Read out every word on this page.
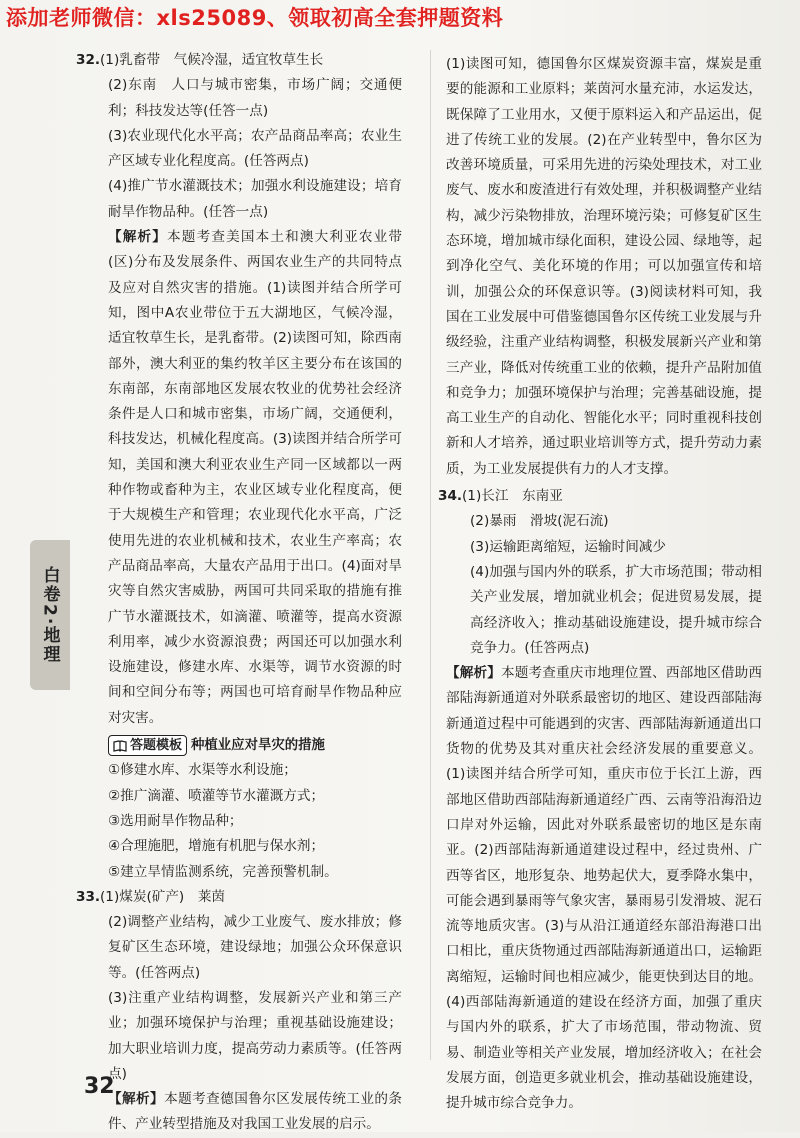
添加老师微信：xls25089、领取初高全套押题资料
白卷2·地理

32.(1)乳畜带　气候冷湿，适宜牧草生长

(2)东南　人口与城市密集，市场广阔；交通便利；科技发达等(任答一点)

(3)农业现代化水平高；农产品商品率高；农业生产区域专业化程度高。(任答两点)

(4)推广节水灌溉技术；加强水利设施建设；培育耐旱作物品种。(任答一点)

【解析】本题考查美国本土和澳大利亚农业带(区)分布及发展条件、两国农业生产的共同特点及应对自然灾害的措施。(1)读图并结合所学可知，图中A农业带位于五大湖地区，气候冷湿，适宜牧草生长，是乳畜带。(2)读图可知，除西南部外，澳大利亚的集约牧羊区主要分布在该国的东南部，东南部地区发展农牧业的优势社会经济条件是人口和城市密集，市场广阔，交通便利，科技发达，机械化程度高。(3)读图并结合所学可知，美国和澳大利亚农业生产同一区域都以一两种作物或畜种为主，农业区域专业化程度高，便于大规模生产和管理；农业现代化水平高，广泛使用先进的农业机械和技术，农业生产率高；农产品商品率高，大量农产品用于出口。(4)面对旱灾等自然灾害威胁，两国可共同采取的措施有推广节水灌溉技术，如滴灌、喷灌等，提高水资源利用率，减少水资源浪费；两国还可以加强水利设施建设，修建水库、水渠等，调节水资源的时间和空间分布等；两国也可培育耐旱作物品种应对灾害。

答题模板 种植业应对旱灾的措施

①修建水库、水渠等水利设施；

②推广滴灌、喷灌等节水灌溉方式；

③选用耐旱作物品种；

④合理施肥，增施有机肥与保水剂；

⑤建立旱情监测系统，完善预警机制。

33.(1)煤炭(矿产)　莱茵

(2)调整产业结构，减少工业废气、废水排放；修复矿区生态环境，建设绿地；加强公众环保意识等。(任答两点)

(3)注重产业结构调整，发展新兴产业和第三产业；加强环境保护与治理；重视基础设施建设；加大职业培训力度，提高劳动力素质等。(任答两点)

【解析】本题考查德国鲁尔区发展传统工业的条件、产业转型措施及对我国工业发展的启示。

(1)读图可知，德国鲁尔区煤炭资源丰富，煤炭是重要的能源和工业原料；莱茵河水量充沛，水运发达，既保障了工业用水，又便于原料运入和产品运出，促进了传统工业的发展。(2)在产业转型中，鲁尔区为改善环境质量，可采用先进的污染处理技术，对工业废气、废水和废渣进行有效处理，并积极调整产业结构，减少污染物排放，治理环境污染；可修复矿区生态环境，增加城市绿化面积，建设公园、绿地等，起到净化空气、美化环境的作用；可以加强宣传和培训，加强公众的环保意识等。(3)阅读材料可知，我国在工业发展中可借鉴德国鲁尔区传统工业发展与升级经验，注重产业结构调整，积极发展新兴产业和第三产业，降低对传统重工业的依赖，提升产品附加值和竞争力；加强环境保护与治理；完善基础设施，提高工业生产的自动化、智能化水平；同时重视科技创新和人才培养，通过职业培训等方式，提升劳动力素质，为工业发展提供有力的人才支撑。

34.(1)长江　东南亚

(2)暴雨　滑坡(泥石流)

(3)运输距离缩短，运输时间减少

(4)加强与国内外的联系，扩大市场范围；带动相关产业发展，增加就业机会；促进贸易发展，提高经济收入；推动基础设施建设，提升城市综合竞争力。(任答两点)

【解析】本题考查重庆市地理位置、西部地区借助西部陆海新通道对外联系最密切的地区、建设西部陆海新通道过程中可能遇到的灾害、西部陆海新通道出口货物的优势及其对重庆社会经济发展的重要意义。(1)读图并结合所学可知，重庆市位于长江上游，西部地区借助西部陆海新通道经广西、云南等沿海沿边口岸对外运输，因此对外联系最密切的地区是东南亚。(2)西部陆海新通道建设过程中，经过贵州、广西等省区，地形复杂、地势起伏大，夏季降水集中，可能会遇到暴雨等气象灾害，暴雨易引发滑坡、泥石流等地质灾害。(3)与从沿江通道经东部沿海港口出口相比，重庆货物通过西部陆海新通道出口，运输距离缩短，运输时间也相应减少，能更快到达目的地。(4)西部陆海新通道的建设在经济方面，加强了重庆与国内外的联系，扩大了市场范围，带动物流、贸易、制造业等相关产业发展，增加经济收入；在社会发展方面，创造更多就业机会，推动基础设施建设，提升城市综合竞争力。

32
